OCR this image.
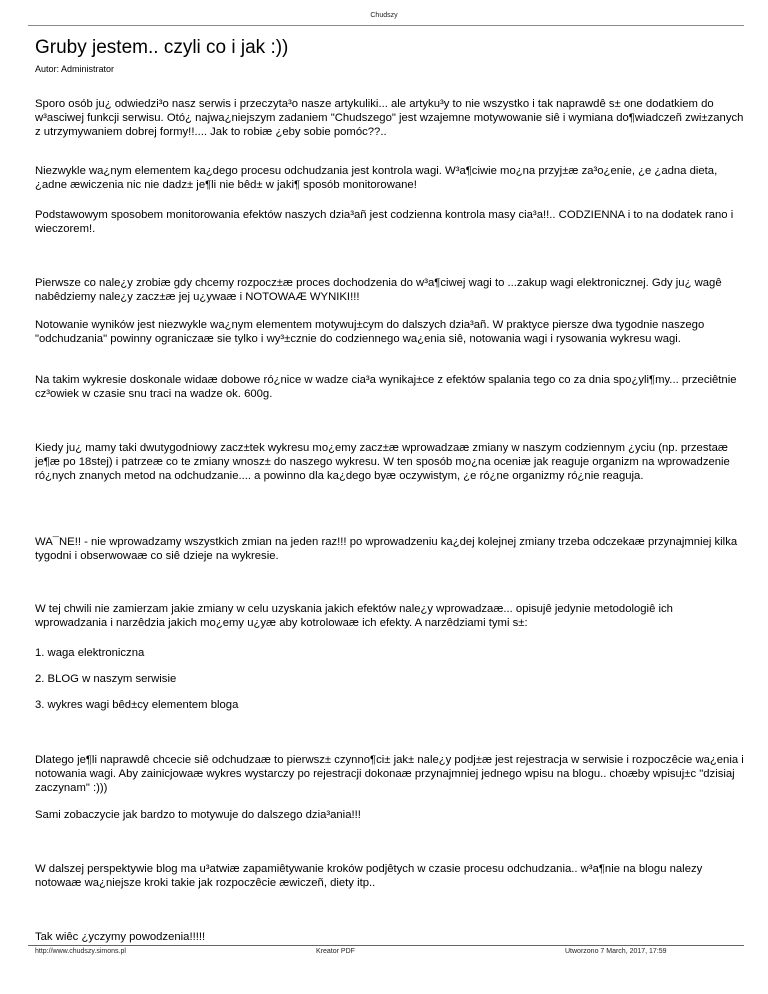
Chudszy
Gruby jestem.. czyli co i jak :))
Autor: Administrator

Sporo osób ju¿ odwiedzi³o nasz serwis i przeczyta³o nasze artykuliki... ale artyku³y to nie wszystko i tak naprawdê s± one dodatkiem do w³asciwej funkcji serwisu. Otó¿ najwa¿niejszym zadaniem "Chudszego" jest wzajemne motywowanie siê i wymiana do¶wiadczeñ zwi±zanych z utrzymywaniem dobrej formy!!.... Jak to robiæ ¿eby sobie pomóc??..

Niezwykle wa¿nym elementem ka¿dego procesu odchudzania jest kontrola wagi. W³a¶ciwie mo¿na przyj±æ za³o¿enie, ¿e ¿adna dieta, ¿adne æwiczenia nic nie dadz± je¶li nie bêd± w jaki¶ sposób monitorowane!

Podstawowym sposobem monitorowania efektów naszych dzia³añ jest codzienna kontrola masy cia³a!!.. CODZIENNA i to na dodatek rano i wieczorem!.

Pierwsze co nale¿y zrobiæ gdy chcemy rozpocz±æ proces dochodzenia do w³a¶ciwej wagi to ...zakup wagi elektronicznej. Gdy ju¿ wagê nabêdziemy nale¿y zacz±æ jej u¿ywaæ i NOTOWAÆ WYNIKI!!!

Notowanie wyników jest niezwykle wa¿nym elementem motywuj±cym do dalszych dzia³añ. W praktyce piersze dwa tygodnie naszego "odchudzania" powinny ograniczaæ sie tylko i wy³±cznie do codziennego wa¿enia siê, notowania wagi i rysowania wykresu wagi.

Na takim wykresie doskonale widaæ dobowe ró¿nice w wadze cia³a wynikaj±ce z efektów spalania tego co za dnia spo¿yli¶my... przeciêtnie cz³owiek w czasie snu traci na wadze ok. 600g.

Kiedy ju¿ mamy taki dwutygodniowy zacz±tek wykresu mo¿emy zacz±æ wprowadzaæ zmiany w naszym codziennym ¿yciu (np. przestaæ je¶æ po 18stej) i patrzeæ co te zmiany wnosz± do naszego wykresu. W ten sposób mo¿na oceniæ jak reaguje organizm na wprowadzenie ró¿nych znanych metod na odchudzanie.... a powinno dla ka¿dego byæ oczywistym, ¿e ró¿ne organizmy ró¿nie reaguja.

WA¯NE!! - nie wprowadzamy wszystkich zmian na jeden raz!!! po wprowadzeniu ka¿dej kolejnej zmiany trzeba odczekaæ przynajmniej kilka tygodni i obserwowaæ co siê dzieje na wykresie.

W tej chwili nie zamierzam jakie zmiany w celu uzyskania jakich efektów nale¿y wprowadzaæ... opisujê jedynie metodologiê ich wprowadzania i narzêdzia jakich mo¿emy u¿yæ aby kotrolowaæ ich efekty. A narzêdziami tymi s±:

1. waga elektroniczna

2. BLOG w naszym serwisie

3. wykres wagi bêd±cy elementem bloga

Dlatego je¶li naprawdê chcecie siê odchudzaæ to pierwsz± czynno¶ci± jak± nale¿y podj±æ jest rejestracja w serwisie i rozpoczêcie wa¿enia i notowania wagi. Aby zainicjowaæ wykres wystarczy po rejestracji dokonaæ przynajmniej jednego wpisu na blogu.. choæby wpisuj±c "dzisiaj zaczynam" :)))

Sami zobaczycie jak bardzo to motywuje do dalszego dzia³ania!!!

W dalszej perspektywie blog ma u³atwiæ zapamiêtywanie kroków podjêtych w czasie procesu odchudzania.. w³a¶nie na blogu nalezy notowaæ wa¿niejsze kroki takie jak rozpoczêcie æwiczeñ, diety itp..

Tak wiêc ¿yczymy powodzenia!!!!!

http://www.chudszy.simons.pl	Kreator PDF	Utworzono 7 March, 2017, 17:59
